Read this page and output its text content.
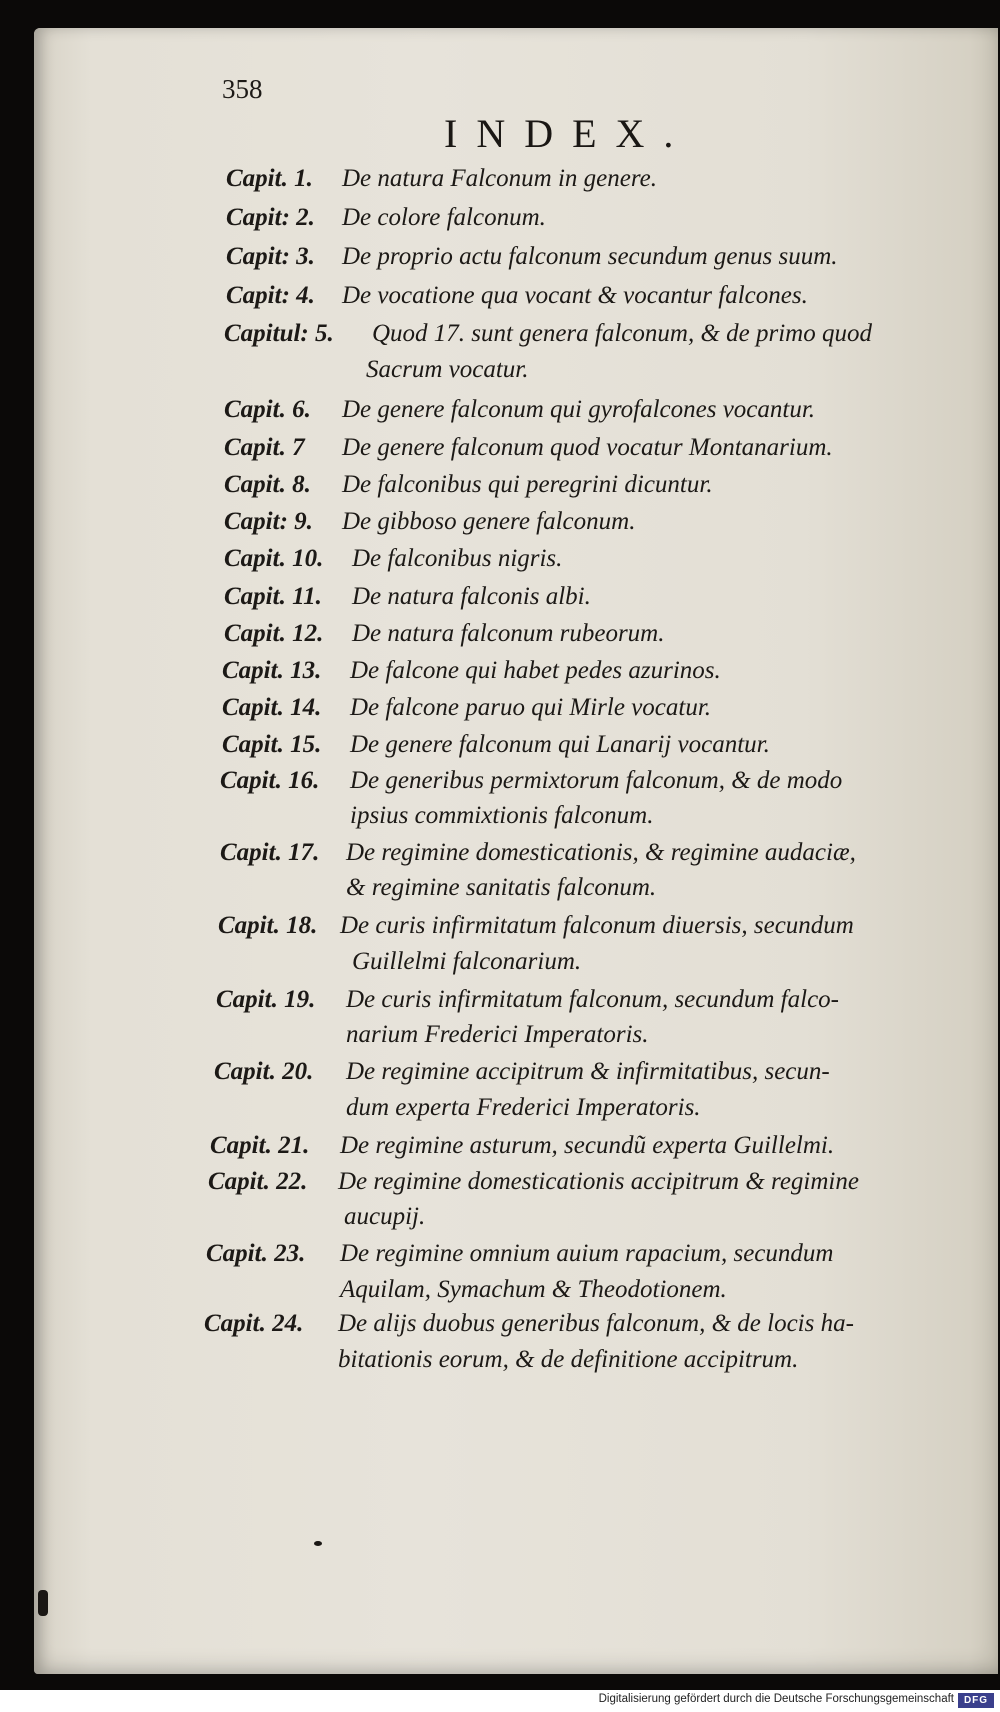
358
INDEX.
Capit. 1. De natura Falconum in genere.
Capit: 2. De colore falconum.
Capit: 3. De proprio actu falconum secundum genus suum.
Capit: 4. De vocatione qua vocant & vocantur falcones.
Capitul: 5. Quod 17. sunt genera falconum, & de primo quod
Sacrum vocatur.
Capit. 6. De genere falconum qui gyrofalcones vocantur.
Capit. 7 De genere falconum quod vocatur Montanarium.
Capit. 8. De falconibus qui peregrini dicuntur.
Capit: 9. De gibboso genere falconum.
Capit. 10. De falconibus nigris.
Capit. 11. De natura falconis albi.
Capit. 12. De natura falconum rubeorum.
Capit. 13. De falcone qui habet pedes azurinos.
Capit. 14. De falcone paruo qui Mirle vocatur.
Capit. 15. De genere falconum qui Lanarij vocantur.
Capit. 16. De generibus permixtorum falconum, & de modo
ipsius commixtionis falconum.
Capit. 17. De regimine domesticationis, & regimine audaciæ,
& regimine sanitatis falconum.
Capit. 18. De curis infirmitatum falconum diuersis, secundum
Guillelmi falconarium.
Capit. 19. De curis infirmitatum falconum, secundum falco-
narium Frederici Imperatoris.
Capit. 20. De regimine accipitrum & infirmitatibus, secun-
dum experta Frederici Imperatoris.
Capit. 21. De regimine asturum, secundũ experta Guillelmi.
Capit. 22. De regimine domesticationis accipitrum & regimine
aucupij.
Capit. 23. De regimine omnium auium rapacium, secundum
Aquilam, Symachum & Theodotionem.
Capit. 24. De alijs duobus generibus falconum, & de locis ha-
bitationis eorum, & de definitione accipitrum.
Digitalisierung gefördert durch die Deutsche Forschungsgemeinschaft DFG
